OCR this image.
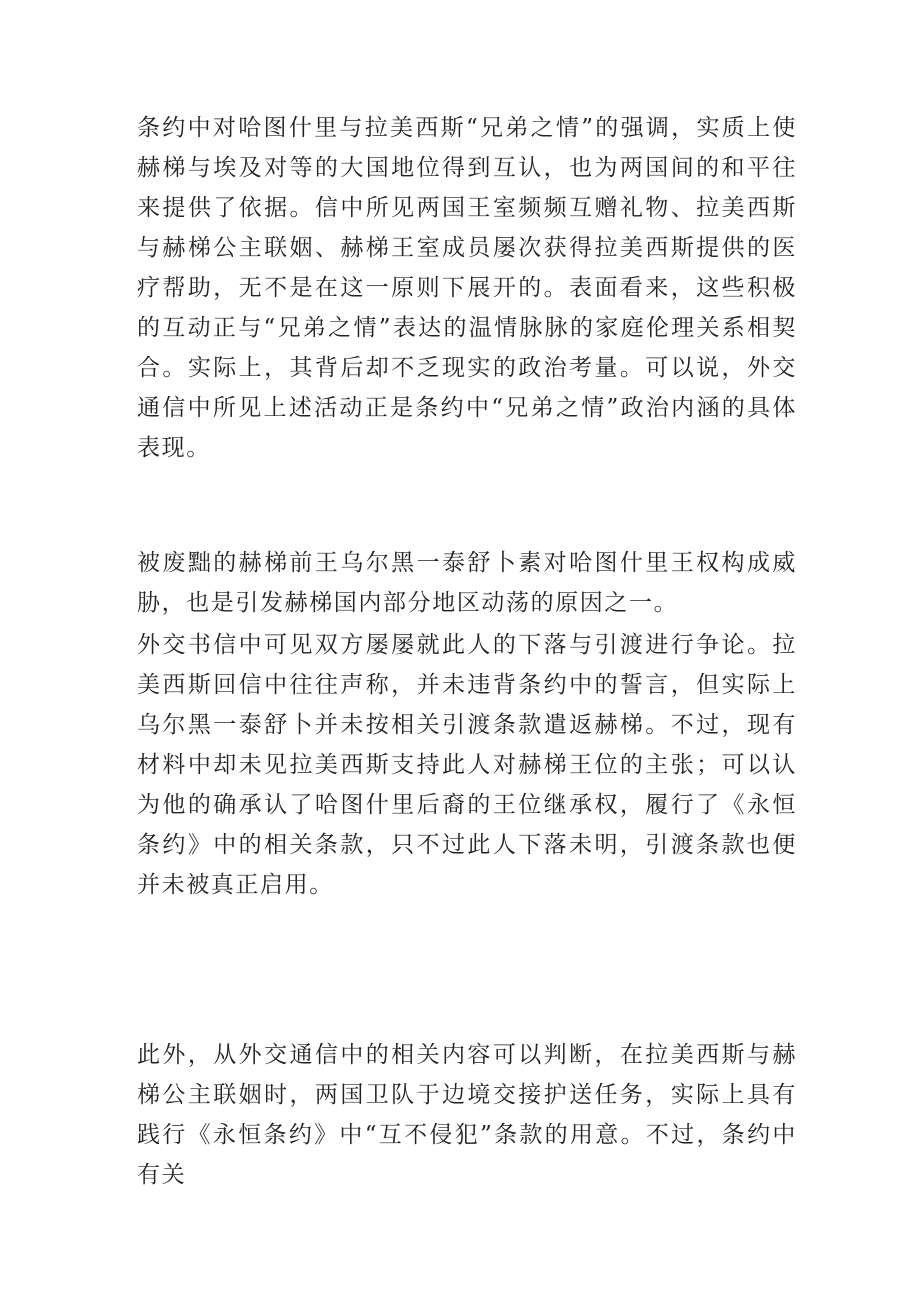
条约中对哈图什里与拉美西斯“兄弟之情”的强调，实质上使赫梯与埃及对等的大国地位得到互认，也为两国间的和平往来提供了依据。信中所见两国王室频频互赠礼物、拉美西斯与赫梯公主联姻、赫梯王室成员屡次获得拉美西斯提供的医疗帮助，无不是在这一原则下展开的。表面看来，这些积极的互动正与“兄弟之情”表达的温情脉脉的家庭伦理关系相契合。实际上，其背后却不乏现实的政治考量。可以说，外交通信中所见上述活动正是条约中“兄弟之情”政治内涵的具体表现。

被废黜的赫梯前王乌尔黑一泰舒卜素对哈图什里王权构成威胁，也是引发赫梯国内部分地区动荡的原因之一。

外交书信中可见双方屡屡就此人的下落与引渡进行争论。拉美西斯回信中往往声称，并未违背条约中的誓言，但实际上乌尔黑一泰舒卜并未按相关引渡条款遣返赫梯。不过，现有材料中却未见拉美西斯支持此人对赫梯王位的主张；可以认为他的确承认了哈图什里后裔的王位继承权，履行了《永恒条约》中的相关条款，只不过此人下落未明，引渡条款也便并未被真正启用。

此外，从外交通信中的相关内容可以判断，在拉美西斯与赫梯公主联姻时，两国卫队于边境交接护送任务，实际上具有践行《永恒条约》中“互不侵犯”条款的用意。不过，条约中有关
